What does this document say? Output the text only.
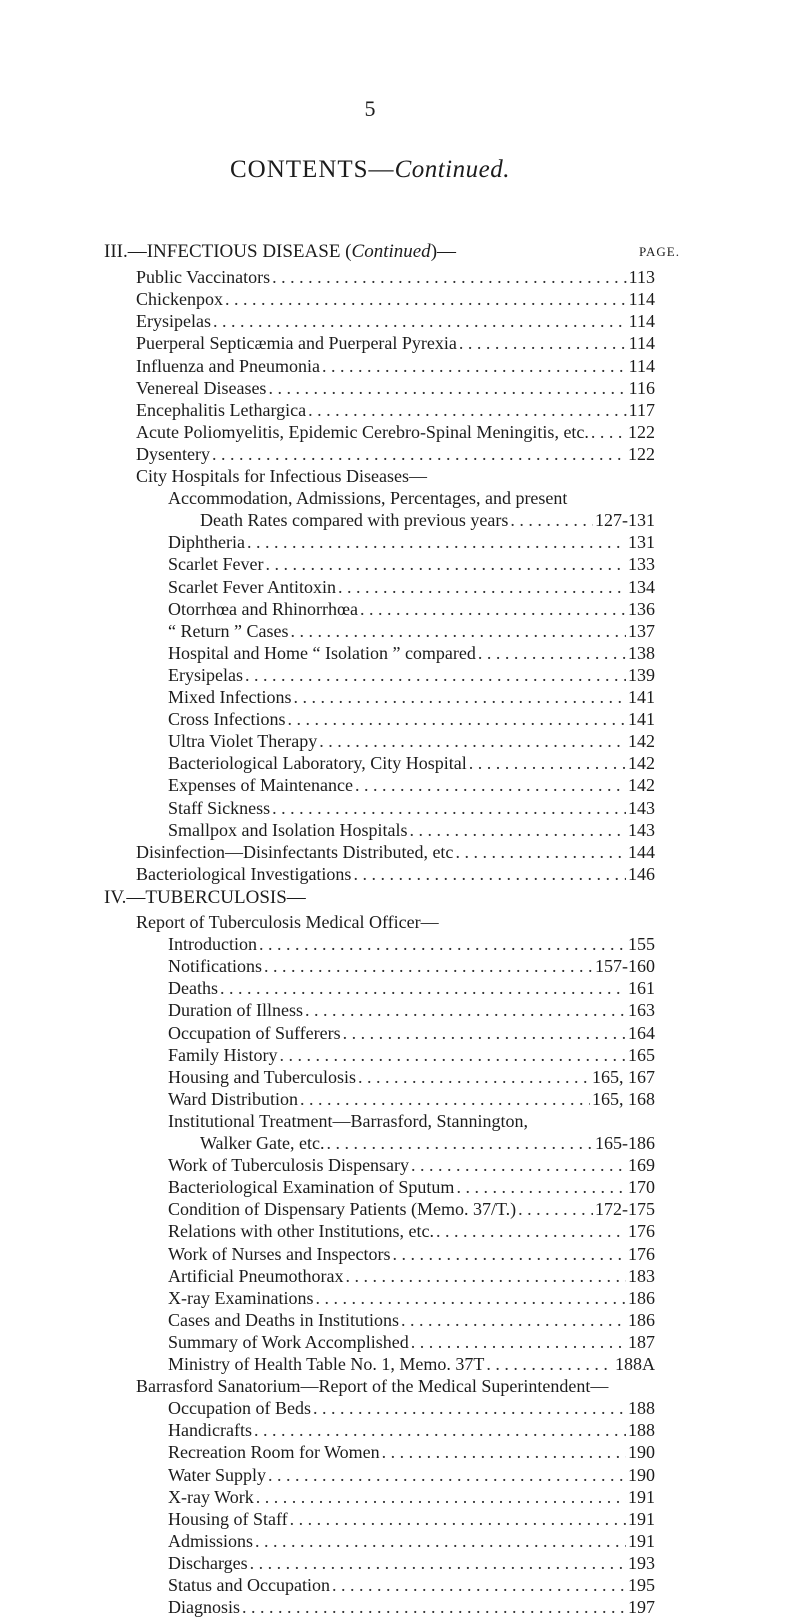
5
CONTENTS—Continued.
III.—INFECTIOUS DISEASE (Continued)—	PAGE.
Public Vaccinators . . .	113
Chickenpox . . .	114
Erysipelas . . .	114
Puerperal Septicæmia and Puerperal Pyrexia . . .	114
Influenza and Pneumonia . . .	114
Venereal Diseases . . .	116
Encephalitis Lethargica . . .	117
Acute Poliomyelitis, Epidemic Cerebro-Spinal Meningitis, etc. . . . 122
Dysentery . . .	122
City Hospitals for Infectious Diseases—
Accommodation, Admissions, Percentages, and present
Death Rates compared with previous years . . .	127-131
Diphtheria . . .	131
Scarlet Fever . . .	133
Scarlet Fever Antitoxin . . .	134
Otorrhœa and Rhinorrhœa . . .	136
“ Return ” Cases . . .	137
Hospital and Home “ Isolation ” compared . . .	138
Erysipelas . . .	139
Mixed Infections . . .	141
Cross Infections . . .	141
Ultra Violet Therapy . . .	142
Bacteriological Laboratory, City Hospital . . .	142
Expenses of Maintenance . . .	142
Staff Sickness . . .	143
Smallpox and Isolation Hospitals . . .	143
Disinfection—Disinfectants Distributed, etc . . .	144
Bacteriological Investigations . . .	146
IV.—TUBERCULOSIS—
Report of Tuberculosis Medical Officer—
Introduction . . .	155
Notifications . . .	157-160
Deaths . . .	161
Duration of Illness . . .	163
Occupation of Sufferers . . .	164
Family History . . .	165
Housing and Tuberculosis . . .	165, 167
Ward Distribution . . .	165, 168
Institutional Treatment—Barrasford, Stannington,
Walker Gate, etc. . . .	165-186
Work of Tuberculosis Dispensary . . .	169
Bacteriological Examination of Sputum . . .	170
Condition of Dispensary Patients (Memo. 37/T.) . . .	172-175
Relations with other Institutions, etc. . . .	176
Work of Nurses and Inspectors . . .	176
Artificial Pneumothorax . . .	183
X-ray Examinations . . .	186
Cases and Deaths in Institutions . . .	186
Summary of Work Accomplished . . .	187
Ministry of Health Table No. 1, Memo. 37T . . .	188A
Barrasford Sanatorium—Report of the Medical Superintendent—
Occupation of Beds . . .	188
Handicrafts . . .	188
Recreation Room for Women . . .	190
Water Supply . . .	190
X-ray Work . . .	191
Housing of Staff . . .	191
Admissions . . .	191
Discharges . . .	193
Status and Occupation . . .	195
Diagnosis . . .	197
